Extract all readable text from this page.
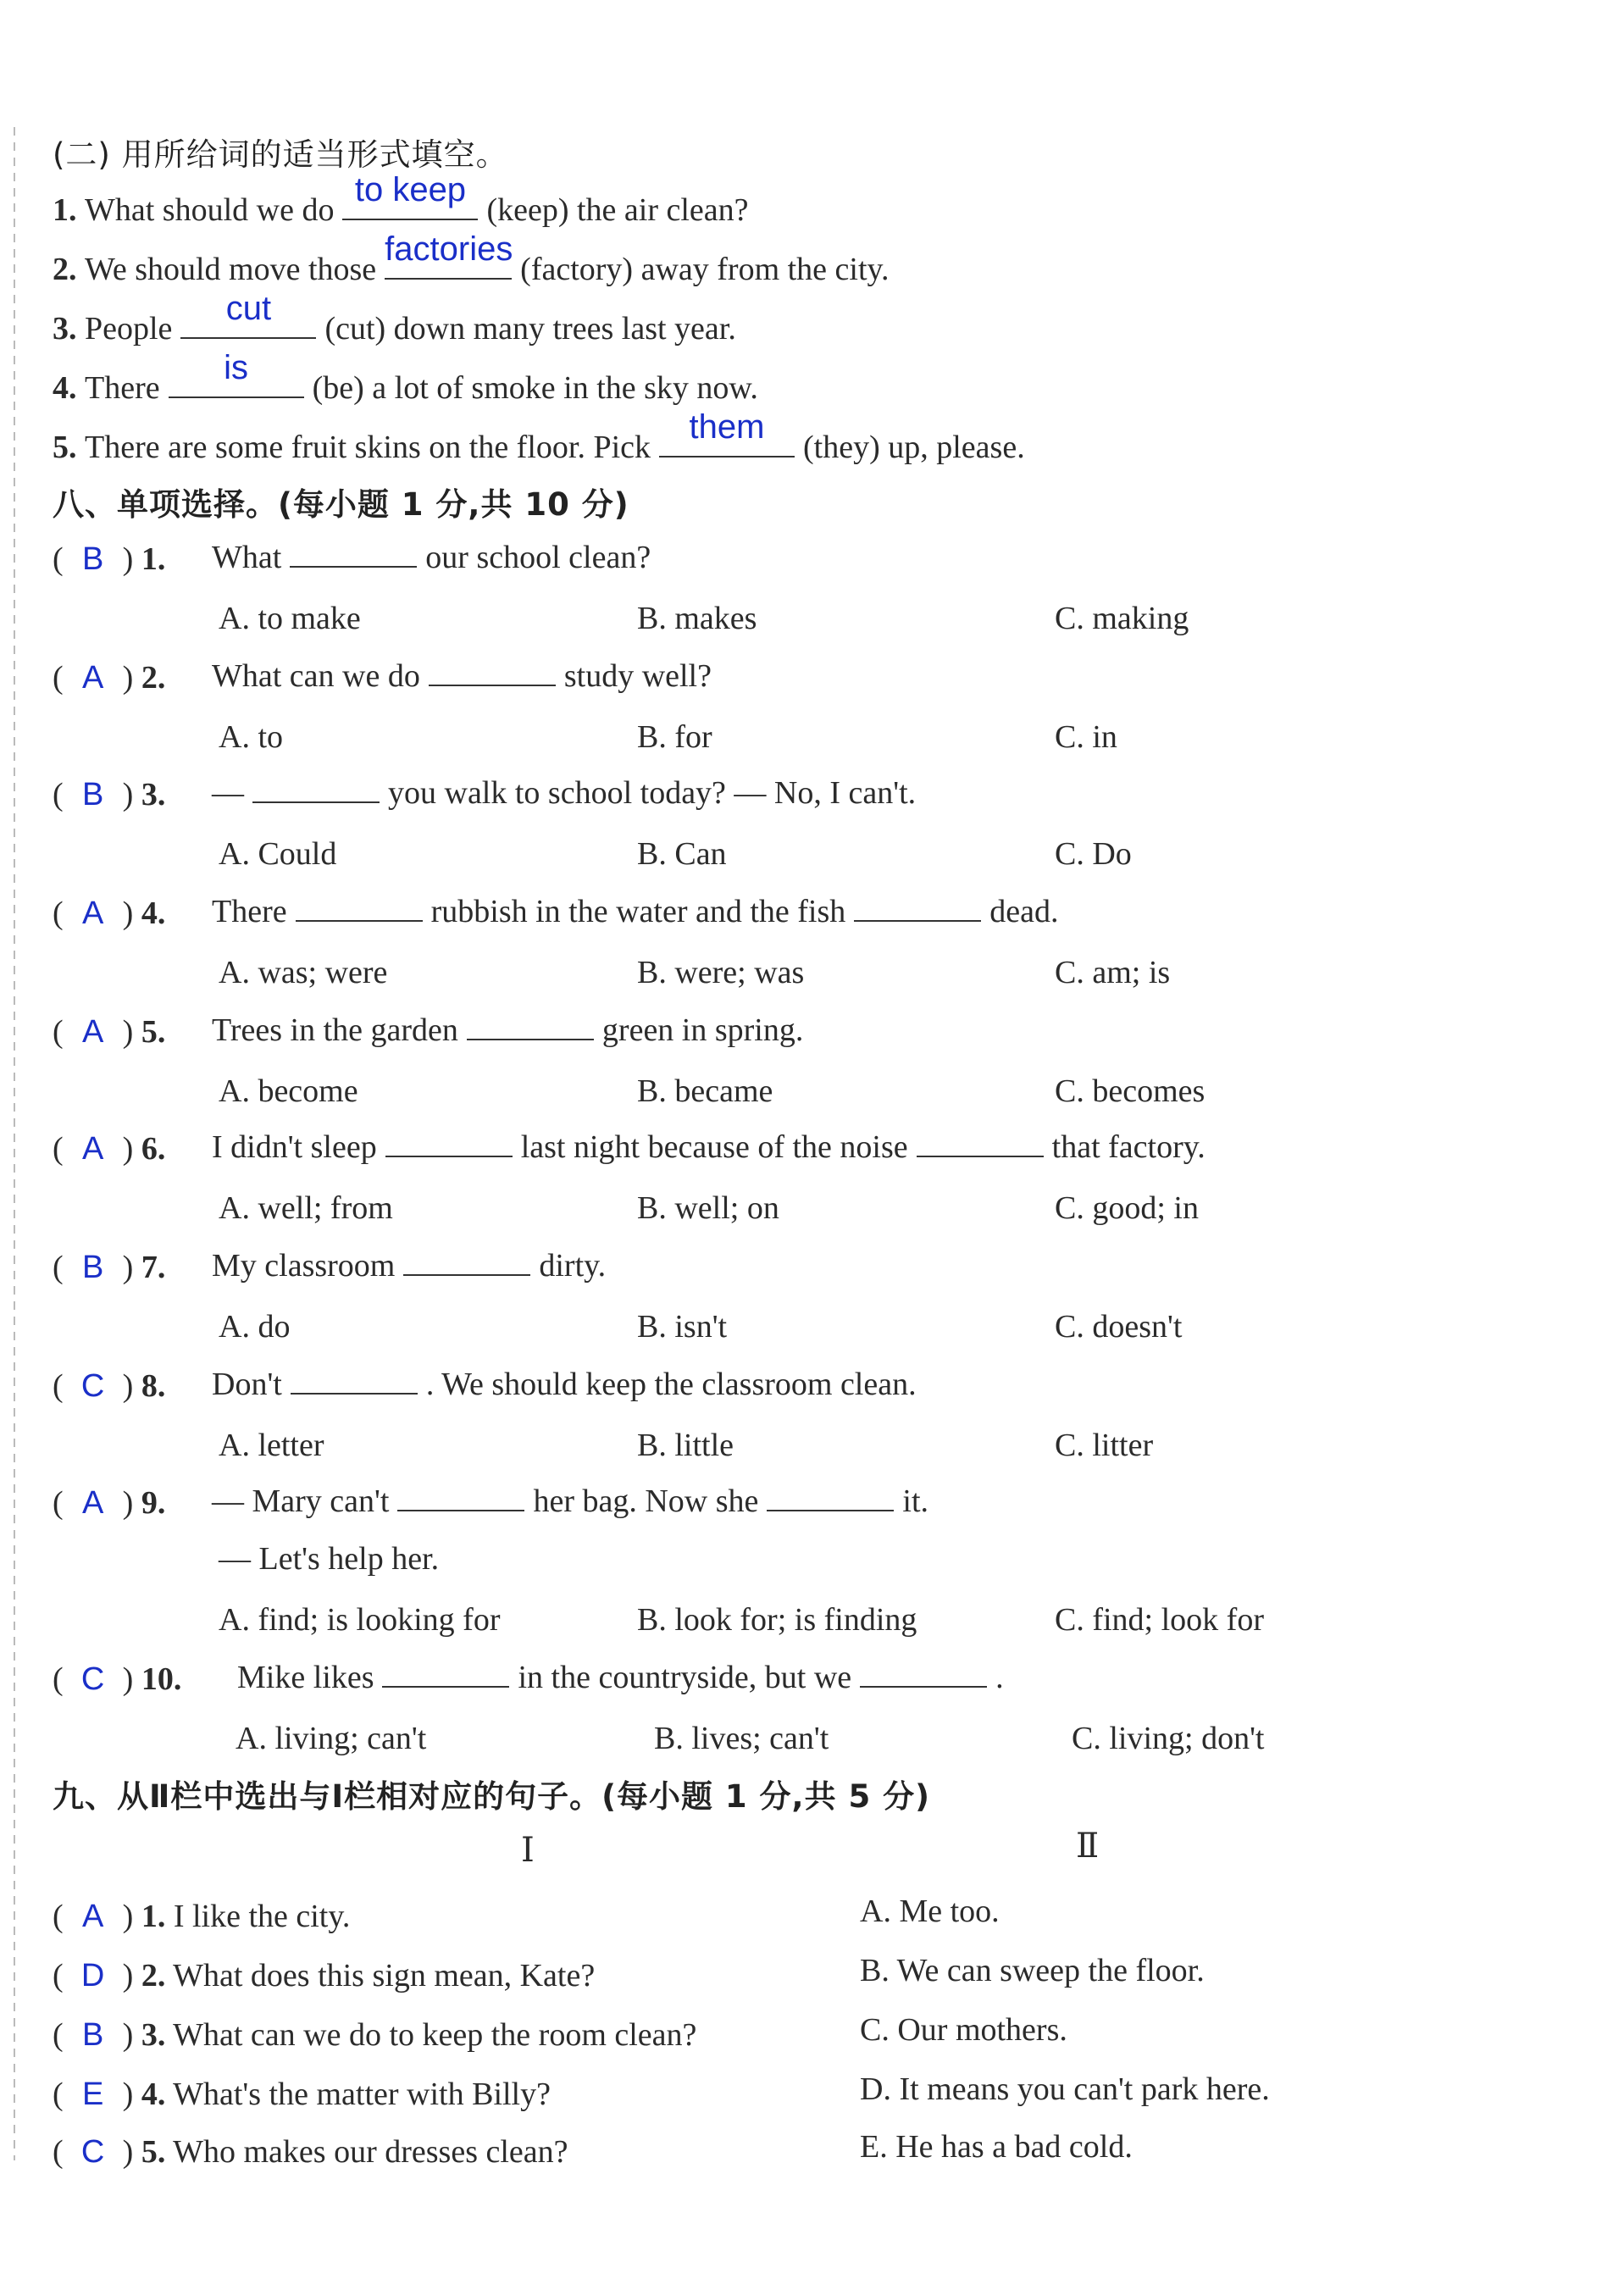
(二) 用所给词的适当形式填空。
1. What should we do
to keep
(keep) the air clean?
2. We should move those
factories
(factory) away from the city.
3. People
cut
(cut) down many trees last year.
4. There
is
(be) a lot of smoke in the sky now.
5. There are some fruit skins on the floor. Pick
them
(they) up, please.
八、单项选择。(每小题 1 分,共 10 分)
( B ) 1. What	our school clean?
A. to make	B. makes	C. making
( A ) 2. What can we do	study well?
A. to	B. for	C. in
( B ) 3. —	you walk to school today? — No, I can't.
A. Could	B. Can	C. Do
( A ) 4. There	rubbish in the water and the fish	dead.
A. was; were	B. were; was	C. am; is
( A ) 5. Trees in the garden	green in spring.
A. become	B. became	C. becomes
( A ) 6. I didn't sleep	last night because of the noise	that factory.
A. well; from	B. well; on	C. good; in
( B ) 7. My classroom	dirty.
A. do	B. isn't	C. doesn't
( C ) 8. Don't	. We should keep the classroom clean.
A. letter	B. little	C. litter
( A ) 9. — Mary can't	her bag. Now she	it.
— Let's help her.
A. find; is looking for	B. look for; is finding	C. find; look for
( C ) 10. Mike likes	in the countryside, but we	.
A. living; can't	B. lives; can't	C. living; don't
九、从Ⅱ栏中选出与Ⅰ栏相对应的句子。(每小题 1 分,共 5 分)
Ⅰ	Ⅱ
( A ) 1. I like the city.	A. Me too.
( D ) 2. What does this sign mean, Kate?	B. We can sweep the floor.
( B ) 3. What can we do to keep the room clean?	C. Our mothers.
( E ) 4. What's the matter with Billy?	D. It means you can't park here.
( C ) 5. Who makes our dresses clean?	E. He has a bad cold.
